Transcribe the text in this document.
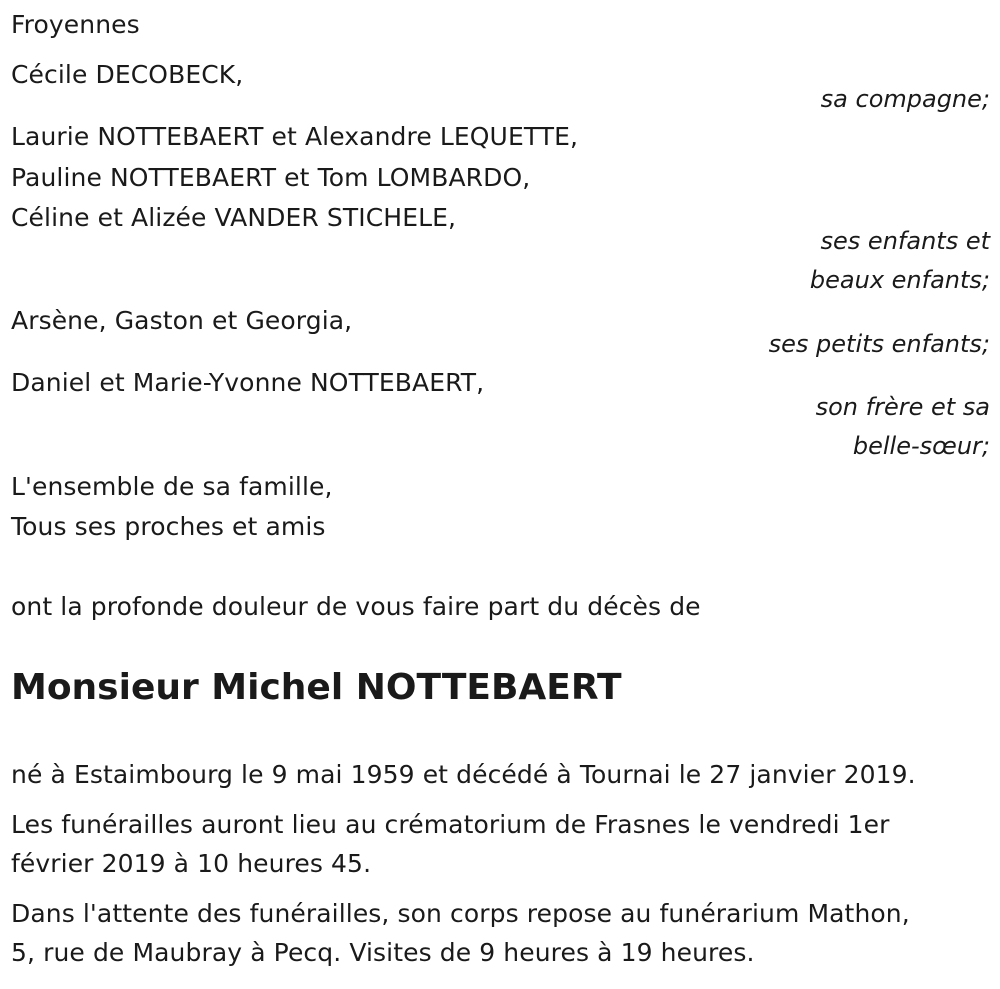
Froyennes
Cécile DECOBECK,
sa compagne;
Laurie NOTTEBAERT et Alexandre LEQUETTE,
Pauline NOTTEBAERT et Tom LOMBARDO,
Céline et Alizée VANDER STICHELE,
ses enfants et
beaux enfants;
Arsène, Gaston et Georgia,
ses petits enfants;
Daniel et Marie-Yvonne NOTTEBAERT,
son frère et sa
belle-sœur;
L'ensemble de sa famille,
Tous ses proches et amis
ont la profonde douleur de vous faire part du décès de
Monsieur Michel NOTTEBAERT
né à Estaimbourg le 9 mai 1959 et décédé à Tournai le 27 janvier 2019.
Les funérailles auront lieu au crématorium de Frasnes le vendredi 1er
février 2019 à 10 heures 45.
Dans l'attente des funérailles, son corps repose au funérarium Mathon,
5, rue de Maubray à Pecq. Visites de 9 heures à 19 heures.
